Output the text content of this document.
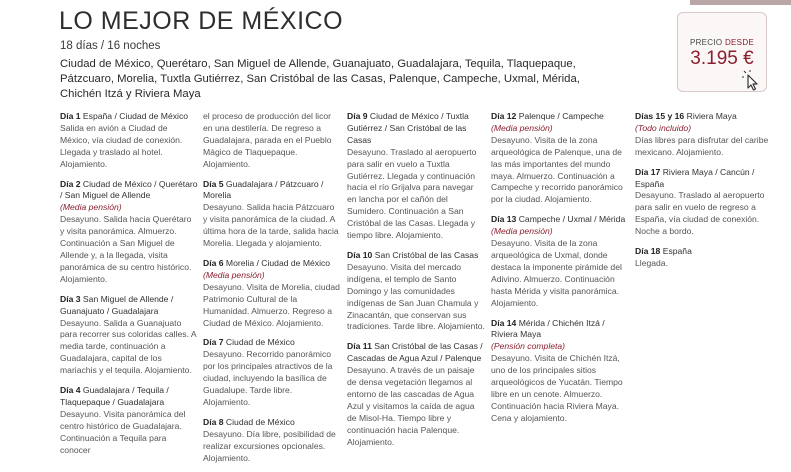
LO MEJOR DE MÉXICO
18 días / 16 noches
Ciudad de México, Querétaro, San Miguel de Allende, Guanajuato, Guadalajara, Tequila, Tlaquepaque, Pátzcuaro, Morelia, Tuxtla Gutiérrez, San Cristóbal de las Casas, Palenque, Campeche, Uxmal, Mérida, Chichén Itzá y Riviera Maya
PRECIO DESDE
3.195 €
Día 1 España / Ciudad de México
Salida en avión a Ciudad de México, vía ciudad de conexión. Llegada y traslado al hotel. Alojamiento.
Día 2 Ciudad de México / Querétaro / San Miguel de Allende
(Media pensión)
Desayuno. Salida hacia Querétaro y visita panorámica. Almuerzo. Continuación a San Miguel de Allende y, a la llegada, visita panorámica de su centro histórico. Alojamiento.
Día 3 San Miguel de Allende / Guanajuato / Guadalajara
Desayuno. Salida a Guanajuato para recorrer sus coloridas calles. A media tarde, continuación a Guadalajara, capital de los mariachis y el tequila. Alojamiento.
Día 4 Guadalajara / Tequila / Tlaquepaque / Guadalajara
Desayuno. Visita panorámica del centro histórico de Guadalajara. Continuación a Tequila para conocer
el proceso de producción del licor en una destilería. De regreso a Guadalajara, parada en el Pueblo Mágico de Tlaquepaque. Alojamiento.
Día 5 Guadalajara / Pátzcuaro / Morelia
Desayuno. Salida hacia Pátzcuaro y visita panorámica de la ciudad. A última hora de la tarde, salida hacia Morelia. Llegada y alojamiento.
Día 6 Morelia / Ciudad de México
(Media pensión)
Desayuno. Visita de Morelia, ciudad Patrimonio Cultural de la Humanidad. Almuerzo. Regreso a Ciudad de México. Alojamiento.
Día 7 Ciudad de México
Desayuno. Recorrido panorámico por los principales atractivos de la ciudad, incluyendo la basílica de Guadalupe. Tarde libre. Alojamiento.
Día 8 Ciudad de México
Desayuno. Día libre, posibilidad de realizar excursiones opcionales. Alojamiento.
Día 9 Ciudad de México / Tuxtla Gutiérrez / San Cristóbal de las Casas
Desayuno. Traslado al aeropuerto para salir en vuelo a Tuxtla Gutiérrez. Llegada y continuación hacia el río Grijalva para navegar en lancha por el cañón del Sumidero. Continuación a San Cristóbal de las Casas. Llegada y tiempo libre. Alojamiento.
Día 10 San Cristóbal de las Casas
Desayuno. Visita del mercado indígena, el templo de Santo Domingo y las comunidades indígenas de San Juan Chamula y Zinacantán, que conservan sus tradiciones. Tarde libre. Alojamiento.
Día 11 San Cristóbal de las Casas / Cascadas de Agua Azul / Palenque
Desayuno. A través de un paisaje de densa vegetación llegamos al entorno de las cascadas de Agua Azul y visitamos la caída de agua de Misol-Ha. Tiempo libre y continuación hacia Palenque. Alojamiento.
Día 12 Palenque / Campeche
(Media pensión)
Desayuno. Visita de la zona arqueológica de Palenque, una de las más importantes del mundo maya. Almuerzo. Continuación a Campeche y recorrido panorámico por la ciudad. Alojamiento.
Día 13 Campeche / Uxmal / Mérida
(Media pensión)
Desayuno. Visita de la zona arqueológica de Uxmal, donde destaca la imponente pirámide del Adivino. Almuerzo. Continuación hasta Mérida y visita panorámica. Alojamiento.
Día 14 Mérida / Chichén Itzá / Riviera Maya
(Pensión completa)
Desayuno. Visita de Chichén Itzá, uno de los principales sitios arqueológicos de Yucatán. Tiempo libre en un cenote. Almuerzo. Continuación hacia Riviera Maya. Cena y alojamiento.
Días 15 y 16 Riviera Maya
(Todo incluido)
Días libres para disfrutar del caribe mexicano. Alojamiento.
Día 17 Riviera Maya / Cancún / España
Desayuno. Traslado al aeropuerto para salir en vuelo de regreso a España, vía ciudad de conexión. Noche a bordo.
Día 18 España
Llegada.
